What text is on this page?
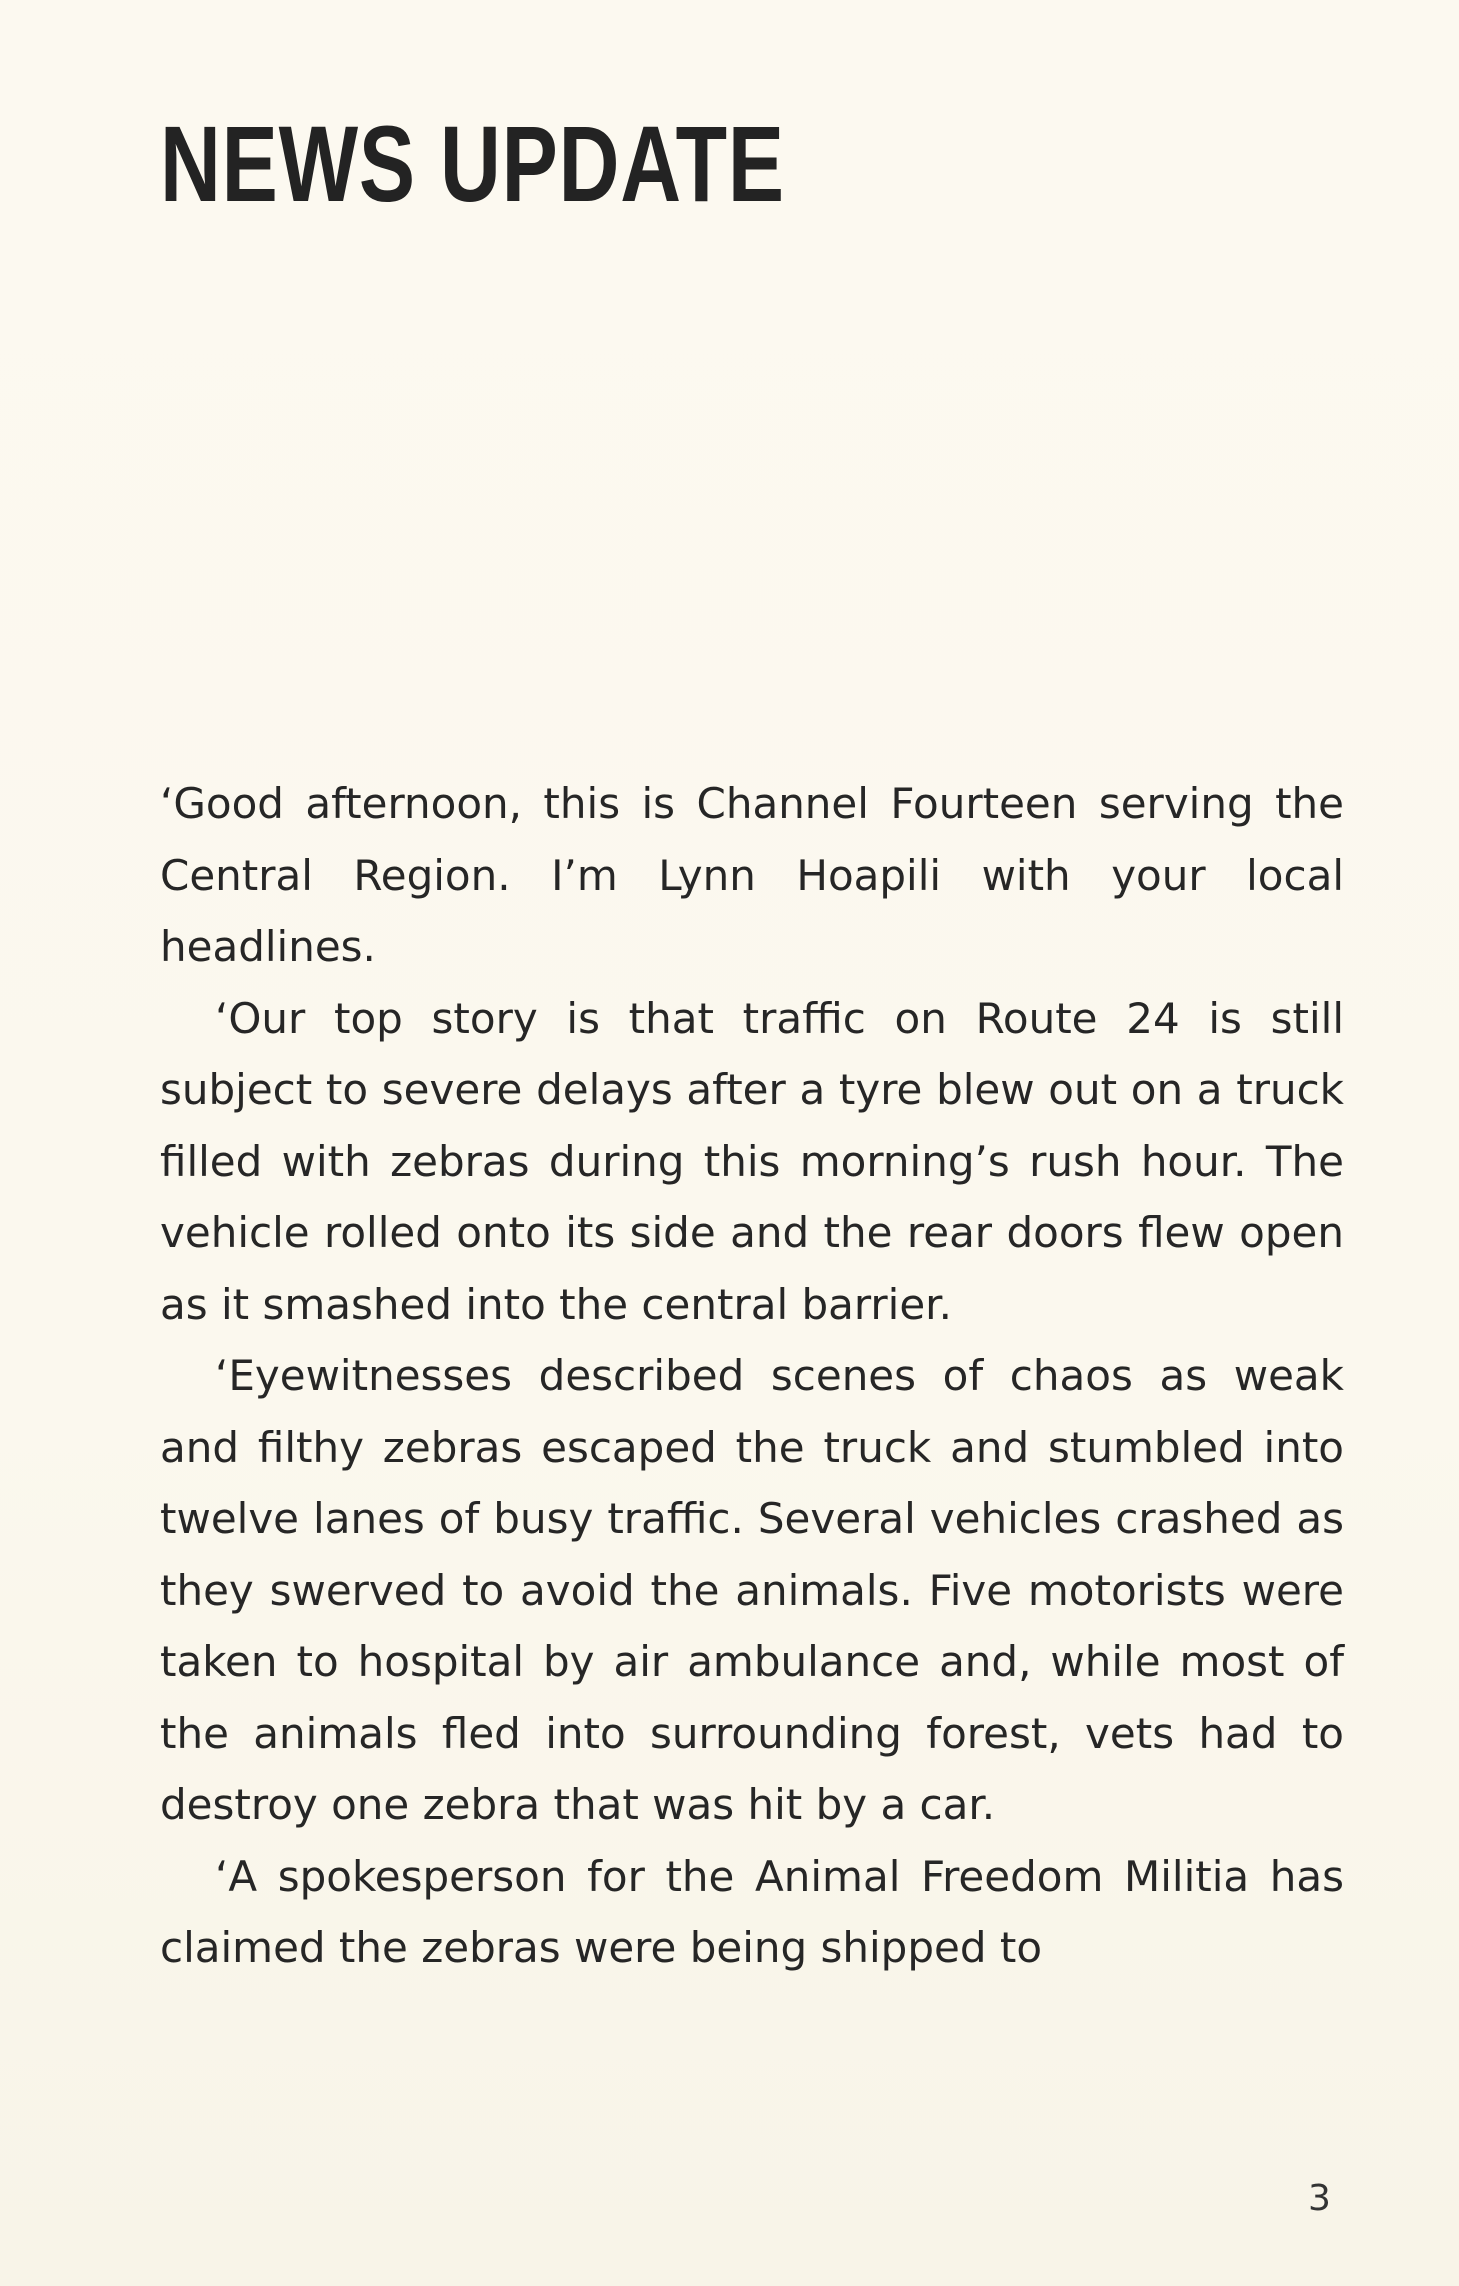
NEWS UPDATE

‘Good afternoon, this is Channel Fourteen serving the Central Region. I’m Lynn Hoapili with your local headlines.

‘Our top story is that traffic on Route 24 is still subject to severe delays after a tyre blew out on a truck filled with zebras during this morning’s rush hour. The vehicle rolled onto its side and the rear doors flew open as it smashed into the central barrier.

‘Eyewitnesses described scenes of chaos as weak and filthy zebras escaped the truck and stumbled into twelve lanes of busy traffic. Several vehicles crashed as they swerved to avoid the animals. Five motorists were taken to hospital by air ambulance and, while most of the animals fled into surrounding forest, vets had to destroy one zebra that was hit by a car.

‘A spokesperson for the Animal Freedom Militia has claimed the zebras were being shipped to

3
